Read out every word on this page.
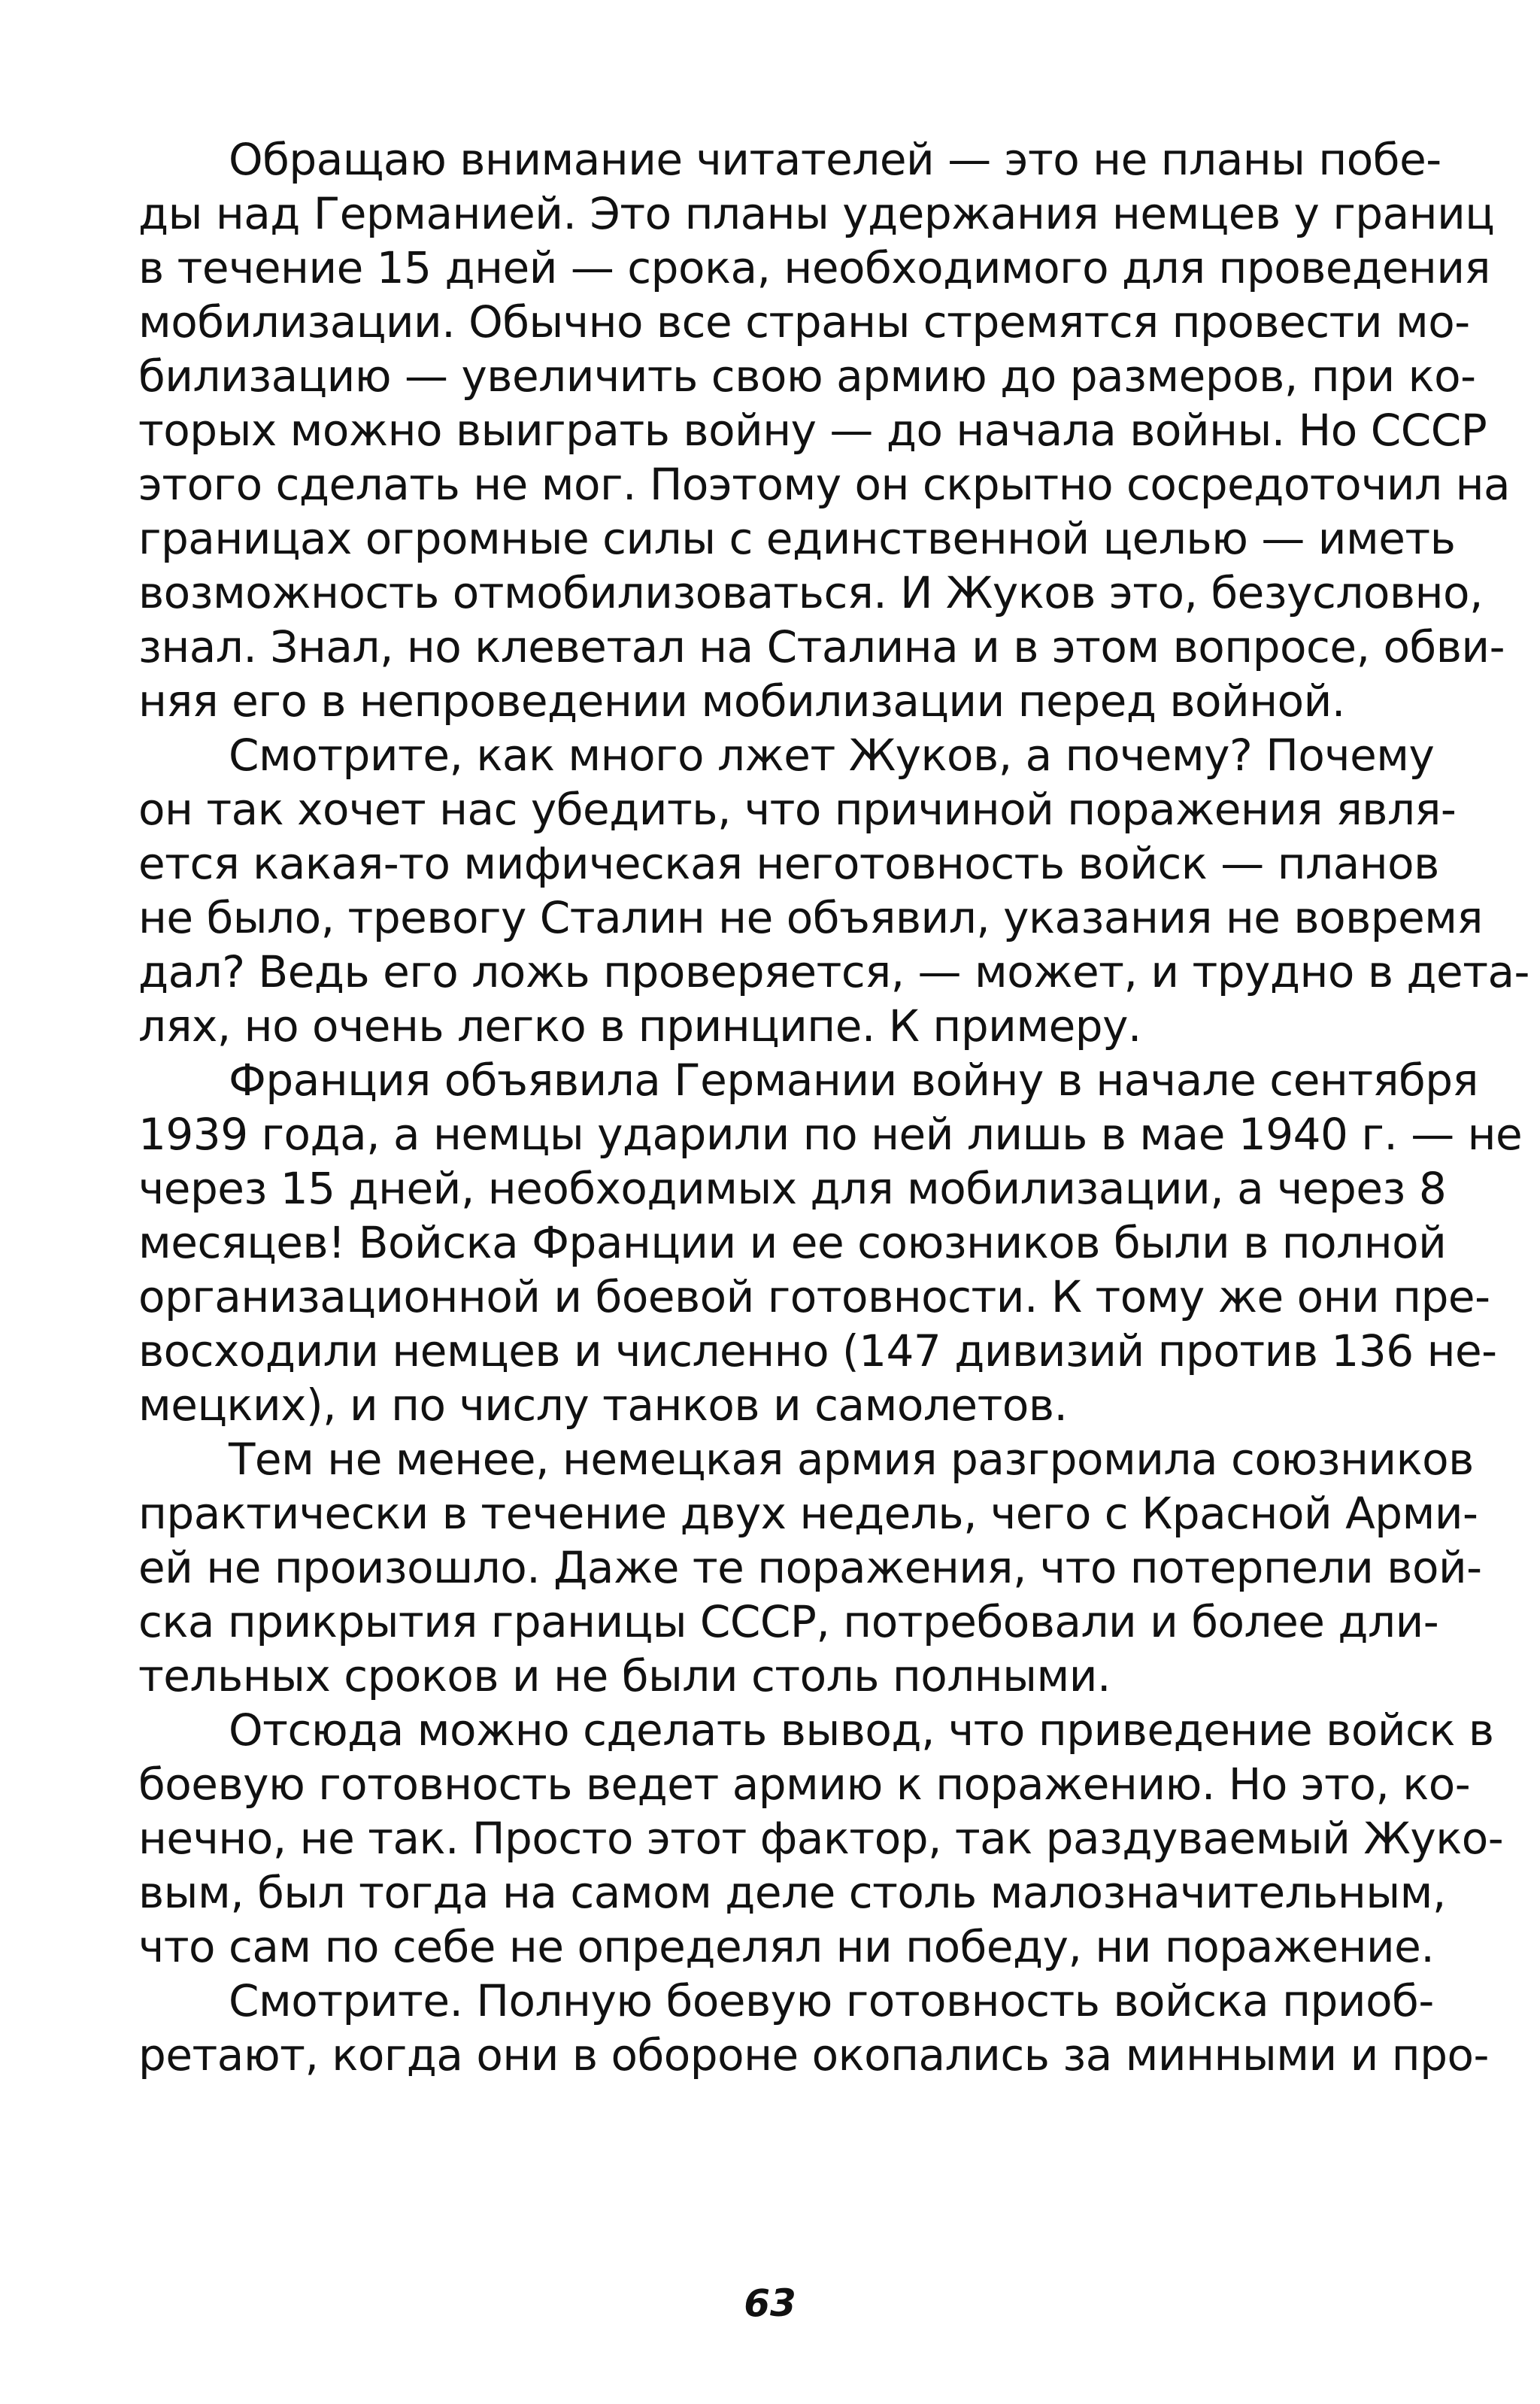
Обращаю внимание читателей — это не планы побе-
ды над Германией. Это планы удержания немцев у границ
в течение 15 дней — срока, необходимого для проведения
мобилизации. Обычно все страны стремятся провести мо-
билизацию — увеличить свою армию до размеров, при ко-
торых можно выиграть войну — до начала войны. Но СССР
этого сделать не мог. Поэтому он скрытно сосредоточил на
границах огромные силы с единственной целью — иметь
возможность отмобилизоваться. И Жуков это, безусловно,
знал. Знал, но клеветал на Сталина и в этом вопросе, обви-
няя его в непроведении мобилизации перед войной.
Смотрите, как много лжет Жуков, а почему? Почему
он так хочет нас убедить, что причиной поражения явля-
ется какая-то мифическая неготовность войск — планов
не было, тревогу Сталин не объявил, указания не вовремя
дал? Ведь его ложь проверяется, — может, и трудно в дета-
лях, но очень легко в принципе. К примеру.
Франция объявила Германии войну в начале сентября
1939 года, а немцы ударили по ней лишь в мае 1940 г. — не
через 15 дней, необходимых для мобилизации, а через 8
месяцев! Войска Франции и ее союзников были в полной
организационной и боевой готовности. К тому же они пре-
восходили немцев и численно (147 дивизий против 136 не-
мецких), и по числу танков и самолетов.
Тем не менее, немецкая армия разгромила союзников
практически в течение двух недель, чего с Красной Арми-
ей не произошло. Даже те поражения, что потерпели вой-
ска прикрытия границы СССР, потребовали и более дли-
тельных сроков и не были столь полными.
Отсюда можно сделать вывод, что приведение войск в
боевую готовность ведет армию к поражению. Но это, ко-
нечно, не так. Просто этот фактор, так раздуваемый Жуко-
вым, был тогда на самом деле столь малозначительным,
что сам по себе не определял ни победу, ни поражение.
Смотрите. Полную боевую готовность войска приоб-
ретают, когда они в обороне окопались за минными и про-
63
